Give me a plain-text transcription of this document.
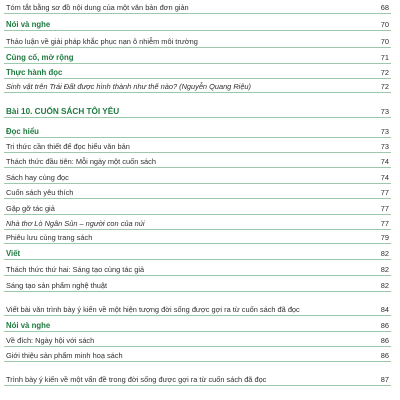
Tóm tắt bằng sơ đồ nội dung của một văn bản đơn giản	68
Nói và nghe	70
Thảo luận về giải pháp khắc phục nạn ô nhiễm môi trường	70
Củng cố, mở rộng	71
Thực hành đọc	72
Sinh vật trên Trái Đất được hình thành như thế nào? (Nguyễn Quang Riệu)	72
Bài 10. CUỐN SÁCH TÔI YÊU	73
Đọc hiểu	73
Tri thức cần thiết để đọc hiểu văn bản	73
Thách thức đầu tiên: Mỗi ngày một cuốn sách	74
Sách hay cùng đọc	74
Cuốn sách yêu thích	77
Gặp gỡ tác giả	77
Nhà thơ Lò Ngân Sủn – người con của núi	77
Phiêu lưu cùng trang sách	79
Viết	82
Thách thức thứ hai: Sáng tạo cùng tác giả	82
Sáng tạo sản phẩm nghệ thuật	82
Viết bài văn trình bày ý kiến về một hiện tượng đời sống được gợi ra từ cuốn sách đã đọc	84
Nói và nghe	86
Về đích: Ngày hội với sách	86
Giới thiệu sản phẩm minh hoạ sách	86
Trình bày ý kiến về một vấn đề trong đời sống được gợi ra từ cuốn sách đã đọc	87
